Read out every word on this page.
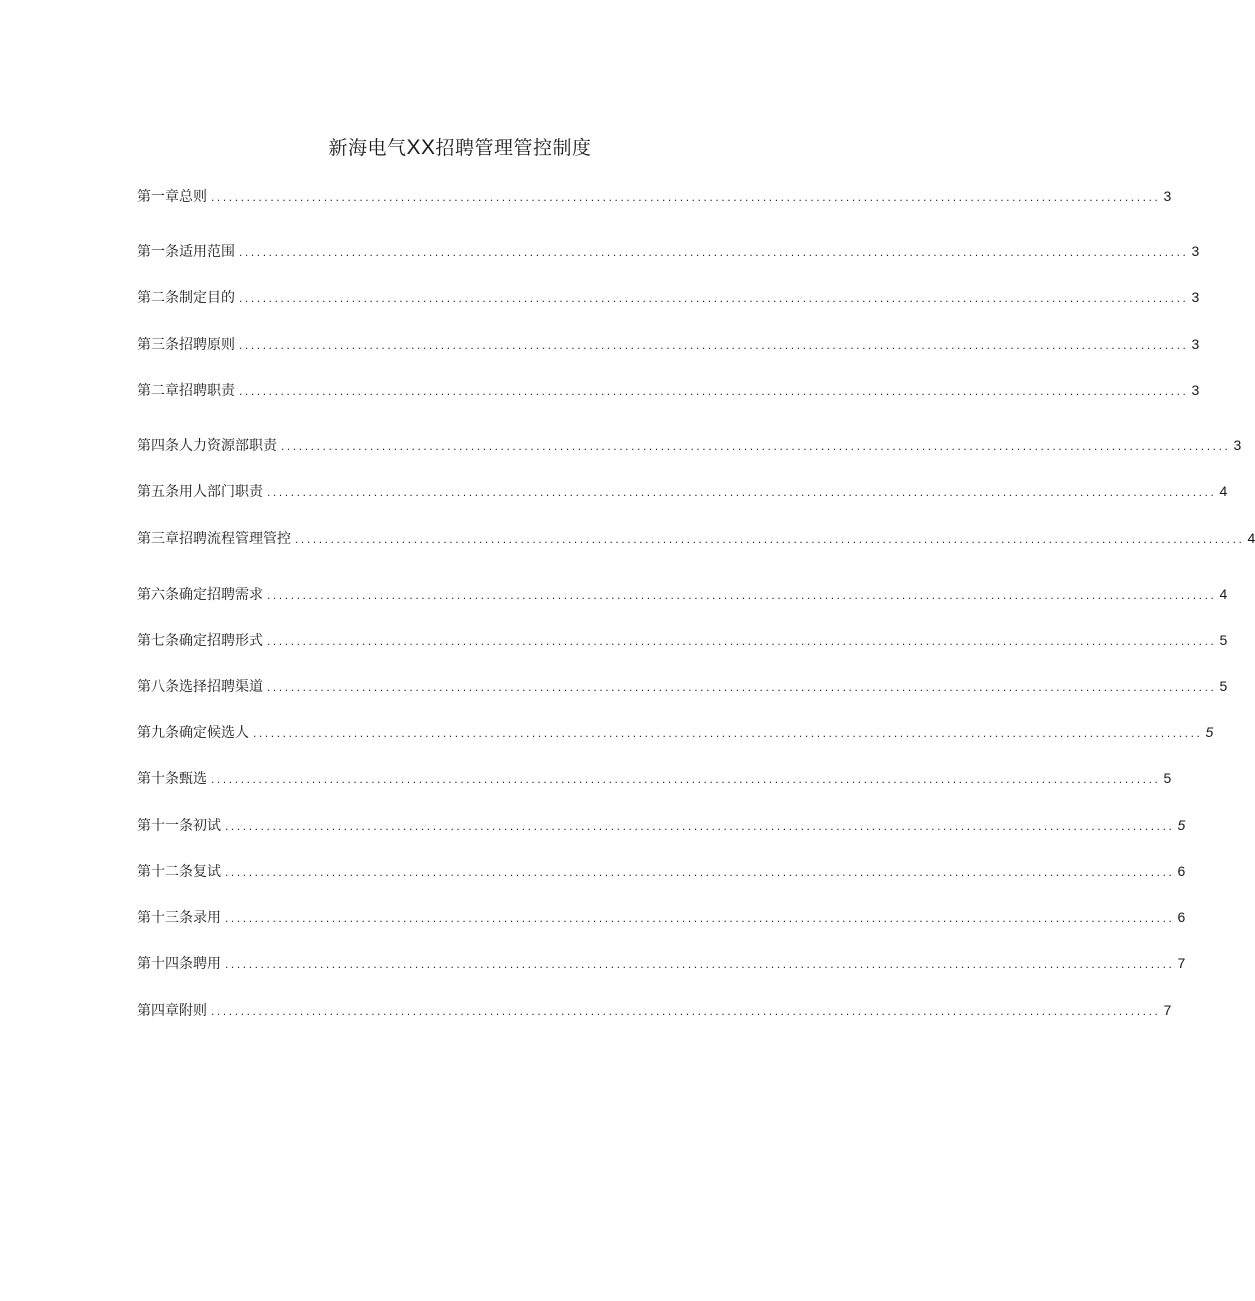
新海电气XX招聘管理管控制度
第一章总则 ................................................................................................................................................................ 3
第一条适用范围 ................................................................................................................................................................ 3
第二条制定目的 ................................................................................................................................................................ 3
第三条招聘原则 ................................................................................................................................................................ 3
第二章招聘职责 ................................................................................................................................................................ 3
第四条人力资源部职责 ................................................................................................................................................................ 3
第五条用人部门职责 ................................................................................................................................................................ 4
第三章招聘流程管理管控 ................................................................................................................................................................ 4
第六条确定招聘需求 ................................................................................................................................................................ 4
第七条确定招聘形式 ................................................................................................................................................................ 5
第八条选择招聘渠道 ................................................................................................................................................................ 5
第九条确定候选人 ................................................................................................................................................................ 5
第十条甄选 ................................................................................................................................................................ 5
第十一条初试 ................................................................................................................................................................ 5
第十二条复试 ................................................................................................................................................................ 6
第十三条录用 ................................................................................................................................................................ 6
第十四条聘用 ................................................................................................................................................................ 7
第四章附则 ................................................................................................................................................................ 7
